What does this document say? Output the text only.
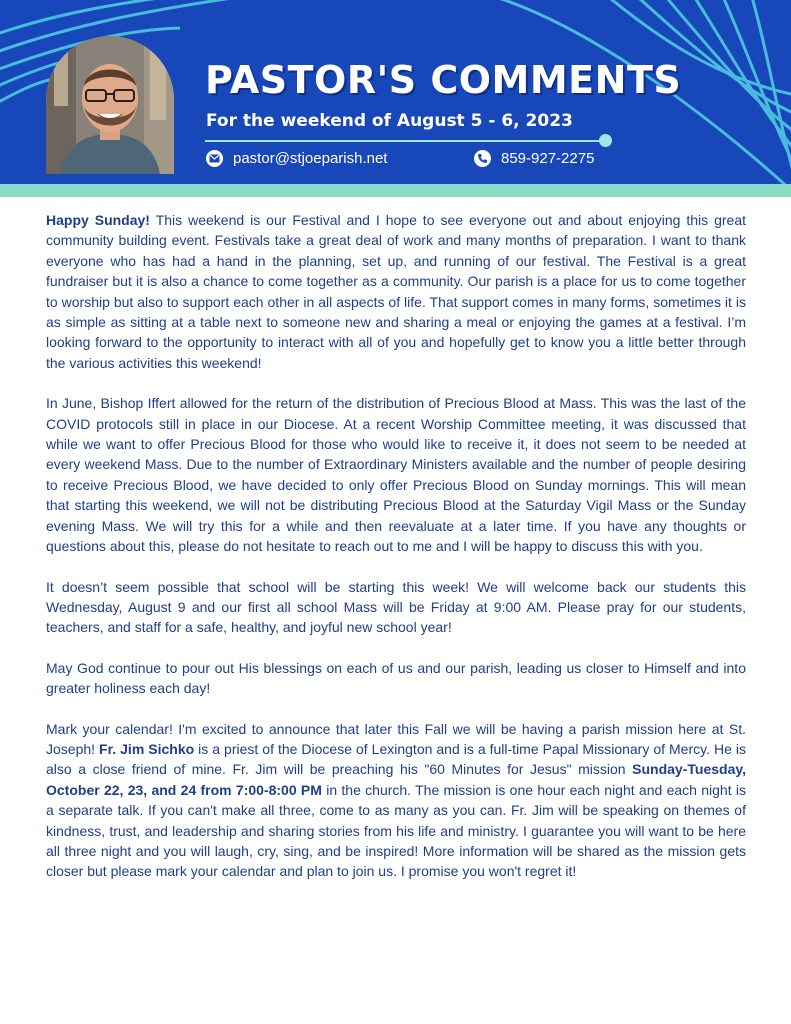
PASTOR'S COMMENTS
For the weekend of August 5 - 6, 2023
pastor@stjoeparish.net	859-927-2275

Happy Sunday! This weekend is our Festival and I hope to see everyone out and about enjoying this great community building event. Festivals take a great deal of work and many months of preparation. I want to thank everyone who has had a hand in the planning, set up, and running of our festival. The Festival is a great fundraiser but it is also a chance to come together as a community. Our parish is a place for us to come together to worship but also to support each other in all aspects of life. That support comes in many forms, sometimes it is as simple as sitting at a table next to someone new and sharing a meal or enjoying the games at a festival. I’m looking forward to the opportunity to interact with all of you and hopefully get to know you a little better through the various activities this weekend!

In June, Bishop Iffert allowed for the return of the distribution of Precious Blood at Mass. This was the last of the COVID protocols still in place in our Diocese. At a recent Worship Committee meeting, it was discussed that while we want to offer Precious Blood for those who would like to receive it, it does not seem to be needed at every weekend Mass. Due to the number of Extraordinary Ministers available and the number of people desiring to receive Precious Blood, we have decided to only offer Precious Blood on Sunday mornings. This will mean that starting this weekend, we will not be distributing Precious Blood at the Saturday Vigil Mass or the Sunday evening Mass. We will try this for a while and then reevaluate at a later time. If you have any thoughts or questions about this, please do not hesitate to reach out to me and I will be happy to discuss this with you.

It doesn’t seem possible that school will be starting this week! We will welcome back our students this Wednesday, August 9 and our first all school Mass will be Friday at 9:00 AM. Please pray for our students, teachers, and staff for a safe, healthy, and joyful new school year!

May God continue to pour out His blessings on each of us and our parish, leading us closer to Himself and into greater holiness each day!

Mark your calendar! I'm excited to announce that later this Fall we will be having a parish mission here at St. Joseph! Fr. Jim Sichko is a priest of the Diocese of Lexington and is a full-time Papal Missionary of Mercy. He is also a close friend of mine. Fr. Jim will be preaching his "60 Minutes for Jesus" mission Sunday-Tuesday, October 22, 23, and 24 from 7:00-8:00 PM in the church. The mission is one hour each night and each night is a separate talk. If you can't make all three, come to as many as you can. Fr. Jim will be speaking on themes of kindness, trust, and leadership and sharing stories from his life and ministry. I guarantee you will want to be here all three night and you will laugh, cry, sing, and be inspired! More information will be shared as the mission gets closer but please mark your calendar and plan to join us. I promise you won't regret it!
